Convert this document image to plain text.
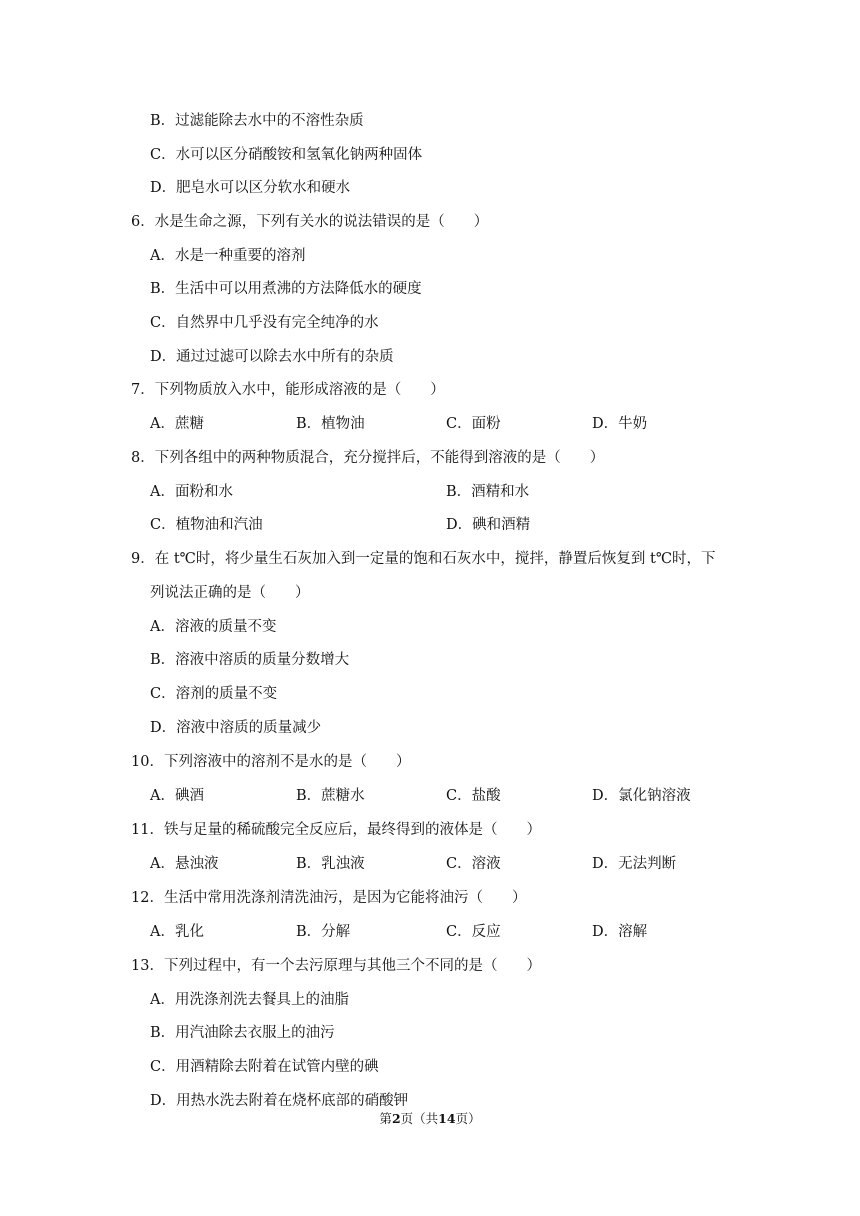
B．过滤能除去水中的不溶性杂质
C．水可以区分硝酸铵和氢氧化钠两种固体
D．肥皂水可以区分软水和硬水
6．水是生命之源，下列有关水的说法错误的是（　　）
A．水是一种重要的溶剂
B．生活中可以用煮沸的方法降低水的硬度
C．自然界中几乎没有完全纯净的水
D．通过过滤可以除去水中所有的杂质
7．下列物质放入水中，能形成溶液的是（　　）
A．蔗糖	B．植物油	C．面粉	D．牛奶
8．下列各组中的两种物质混合，充分搅拌后，不能得到溶液的是（　　）
A．面粉和水	B．酒精和水
C．植物油和汽油	D．碘和酒精
9．在 t℃时，将少量生石灰加入到一定量的饱和石灰水中，搅拌，静置后恢复到 t℃时，下
列说法正确的是（　　）
A．溶液的质量不变
B．溶液中溶质的质量分数增大
C．溶剂的质量不变
D．溶液中溶质的质量减少
10．下列溶液中的溶剂不是水的是（　　）
A．碘酒	B．蔗糖水	C．盐酸	D．氯化钠溶液
11．铁与足量的稀硫酸完全反应后，最终得到的液体是（　　）
A．悬浊液	B．乳浊液	C．溶液	D．无法判断
12．生活中常用洗涤剂清洗油污，是因为它能将油污（　　）
A．乳化	B．分解	C．反应	D．溶解
13．下列过程中，有一个去污原理与其他三个不同的是（　　）
A．用洗涤剂洗去餐具上的油脂
B．用汽油除去衣服上的油污
C．用酒精除去附着在试管内壁的碘
D．用热水洗去附着在烧杯底部的硝酸钾
第2页（共14页）
